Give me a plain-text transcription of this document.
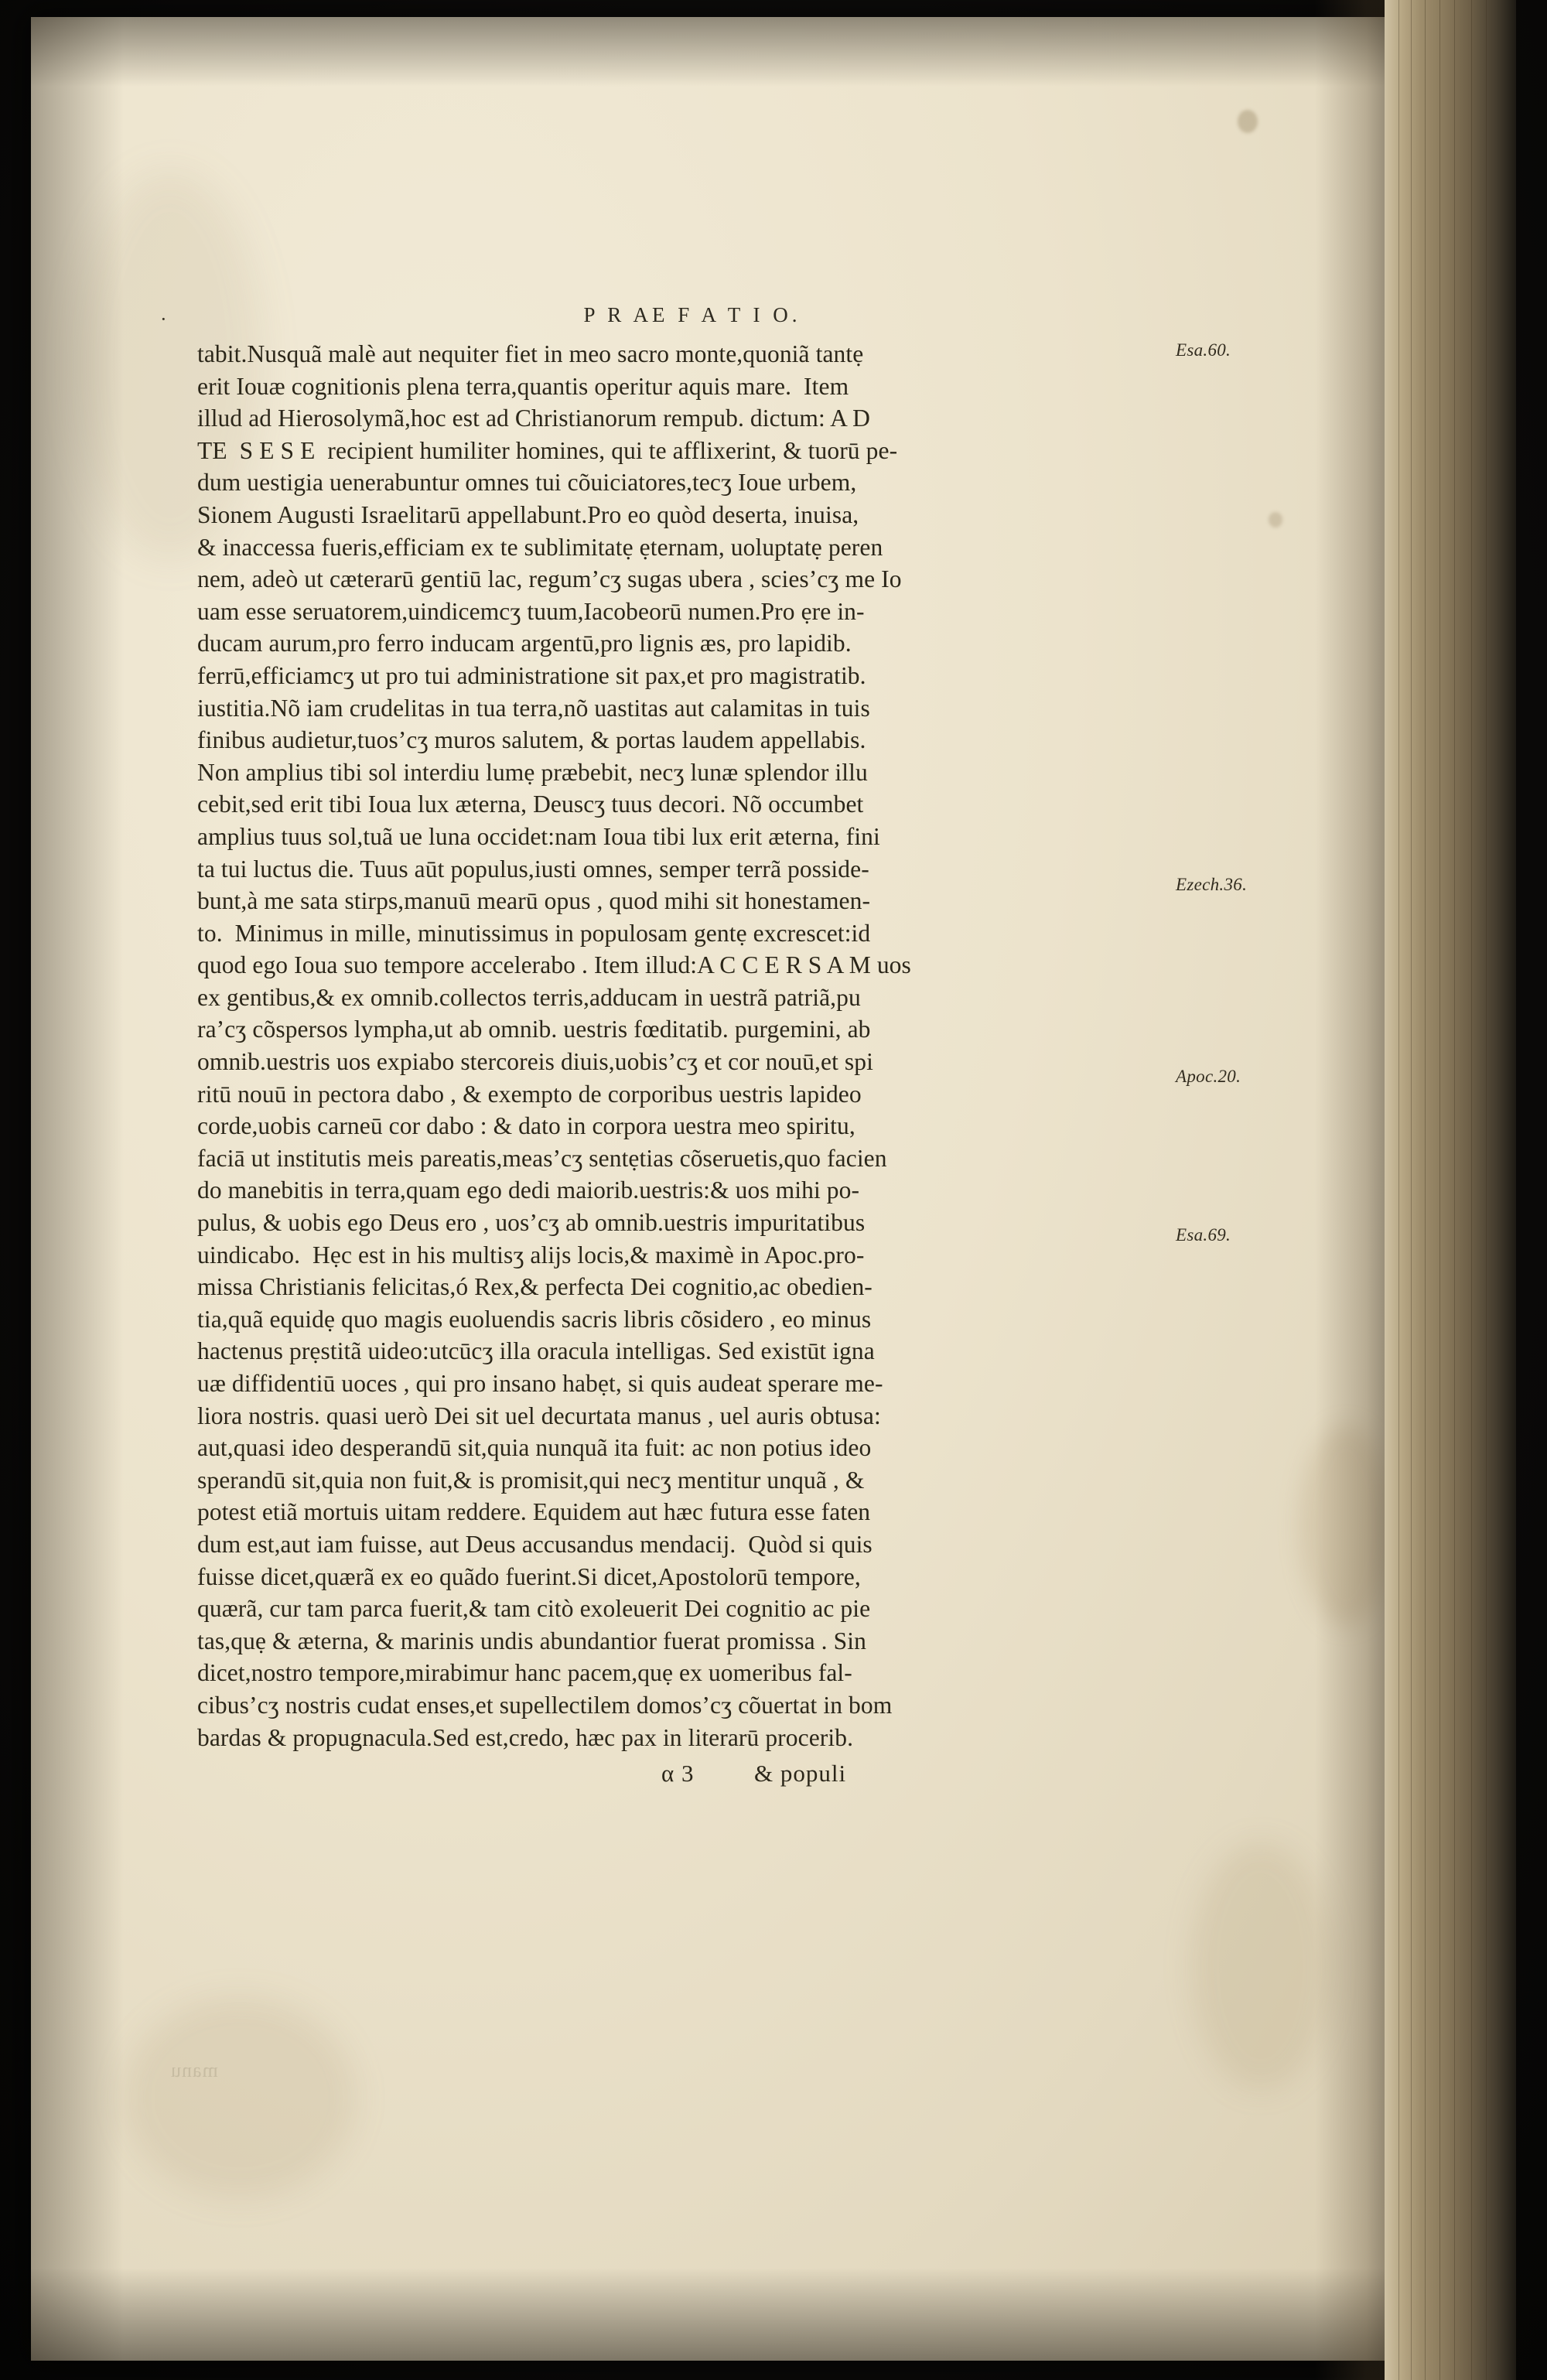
manu
P R AE F A T I O.
tabit.Nusquã malè aut nequiter fiet in meo sacro monte,quoniã tantẹ
erit Iouæ cognitionis plena terra,quantis operitur aquis mare.  Item
illud ad Hierosolymã,hoc est ad Christianorum rempub. dictum: A D
TE  S E S E  recipient humiliter homines, qui te afflixerint, & tuorū pe‐
dum uestigia uenerabuntur omnes tui cõuiciatores,tecʒ Ioue urbem,
Sionem Augusti Israelitarū appellabunt.Pro eo quòd deserta, inuisa,
& inaccessa fueris,efficiam ex te sublimitatẹ ẹternam, uoluptatẹ peren
nem, adeò ut cæterarū gentiū lac, regum’cʒ sugas ubera , scies’cʒ me Io
uam esse seruatorem,uindicemcʒ tuum,Iacobeorū numen.Pro ẹre in‐
ducam aurum,pro ferro inducam argentū,pro lignis æs, pro lapidib.
ferrū,efficiamcʒ ut pro tui administratione sit pax,et pro magistratib.
iustitia.Nõ iam crudelitas in tua terra,nõ uastitas aut calamitas in tuis
finibus audietur,tuos’cʒ muros salutem, & portas laudem appellabis.
Non amplius tibi sol interdiu lumẹ præbebit, necʒ lunæ splendor illu
cebit,sed erit tibi Ioua lux æterna, Deuscʒ tuus decori. Nõ occumbet
amplius tuus sol,tuã ue luna occidet:nam Ioua tibi lux erit æterna, fini
ta tui luctus die. Tuus aūt populus,iusti omnes, semper terrã posside‐
bunt,à me sata stirps,manuū mearū opus , quod mihi sit honestamen‐
to.  Minimus in mille, minutissimus in populosam gentẹ excrescet:id
quod ego Ioua suo tempore accelerabo . Item illud:A C C E R S A M uos
ex gentibus,& ex omnib.collectos terris,adducam in uestrã patriã,pu
ra’cʒ cõspersos lympha,ut ab omnib. uestris fœditatib. purgemini, ab
omnib.uestris uos expiabo stercoreis diuis,uobis’cʒ et cor nouū,et spi
ritū nouū in pectora dabo , & exempto de corporibus uestris lapideo
corde,uobis carneū cor dabo : & dato in corpora uestra meo spiritu,
faciā ut institutis meis pareatis,meas’cʒ sentẹtias cõseruetis,quo facien
do manebitis in terra,quam ego dedi maiorib.uestris:& uos mihi po‐
pulus, & uobis ego Deus ero , uos’cʒ ab omnib.uestris impuritatibus
uindicabo.  Hẹc est in his multisʒ alijs locis,& maximè in Apoc.pro‐
missa Christianis felicitas,ó Rex,& perfecta Dei cognitio,ac obedien‐
tia,quã equidẹ quo magis euoluendis sacris libris cõsidero , eo minus
hactenus prẹstitã uideo:utcūcʒ illa oracula intelligas. Sed existūt igna
uæ diffidentiū uoces , qui pro insano habẹt, si quis audeat sperare me‐
liora nostris. quasi uerò Dei sit uel decurtata manus , uel auris obtusa:
aut,quasi ideo desperandū sit,quia nunquã ita fuit: ac non potius ideo
sperandū sit,quia non fuit,& is promisit,qui necʒ mentitur unquã , &
potest etiã mortuis uitam reddere. Equidem aut hæc futura esse faten
dum est,aut iam fuisse, aut Deus accusandus mendacij.  Quòd si quis
fuisse dicet,quærã ex eo quãdo fuerint.Si dicet,Apostolorū tempore,
quærã, cur tam parca fuerit,& tam citò exoleuerit Dei cognitio ac pie
tas,quẹ & æterna, & marinis undis abundantior fuerat promissa . Sin
dicet,nostro tempore,mirabimur hanc pacem,quẹ ex uomeribus fal‐
cibus’cʒ nostris cudat enses,et supellectilem domos’cʒ cõuertat in bom
bardas & propugnacula.Sed est,credo, hæc pax in literarū procerib.
α 3	& populi
·
Esa.60.
Ezech.36.
Apoc.20.
Esa.69.
